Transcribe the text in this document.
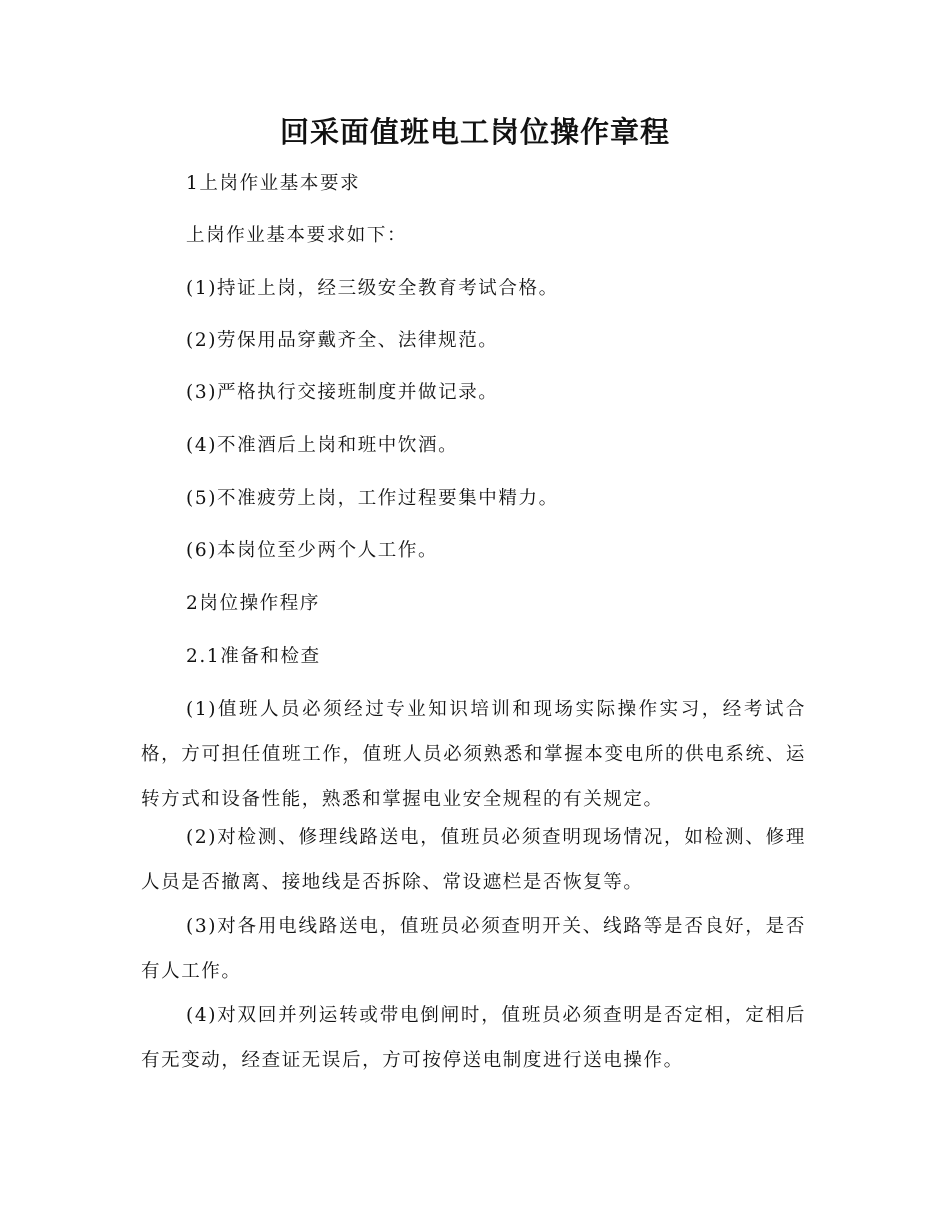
回采面值班电工岗位操作章程
1上岗作业基本要求
上岗作业基本要求如下：
(1)持证上岗，经三级安全教育考试合格。
(2)劳保用品穿戴齐全、法律规范。
(3)严格执行交接班制度并做记录。
(4)不准酒后上岗和班中饮酒。
(5)不准疲劳上岗，工作过程要集中精力。
(6)本岗位至少两个人工作。
2岗位操作程序
2.1准备和检查
(1)值班人员必须经过专业知识培训和现场实际操作实习，经考试合格，方可担任值班工作，值班人员必须熟悉和掌握本变电所的供电系统、运转方式和设备性能，熟悉和掌握电业安全规程的有关规定。
(2)对检测、修理线路送电，值班员必须查明现场情况，如检测、修理人员是否撤离、接地线是否拆除、常设遮栏是否恢复等。
(3)对各用电线路送电，值班员必须查明开关、线路等是否良好，是否有人工作。
(4)对双回并列运转或带电倒闸时，值班员必须查明是否定相，定相后有无变动，经查证无误后，方可按停送电制度进行送电操作。
